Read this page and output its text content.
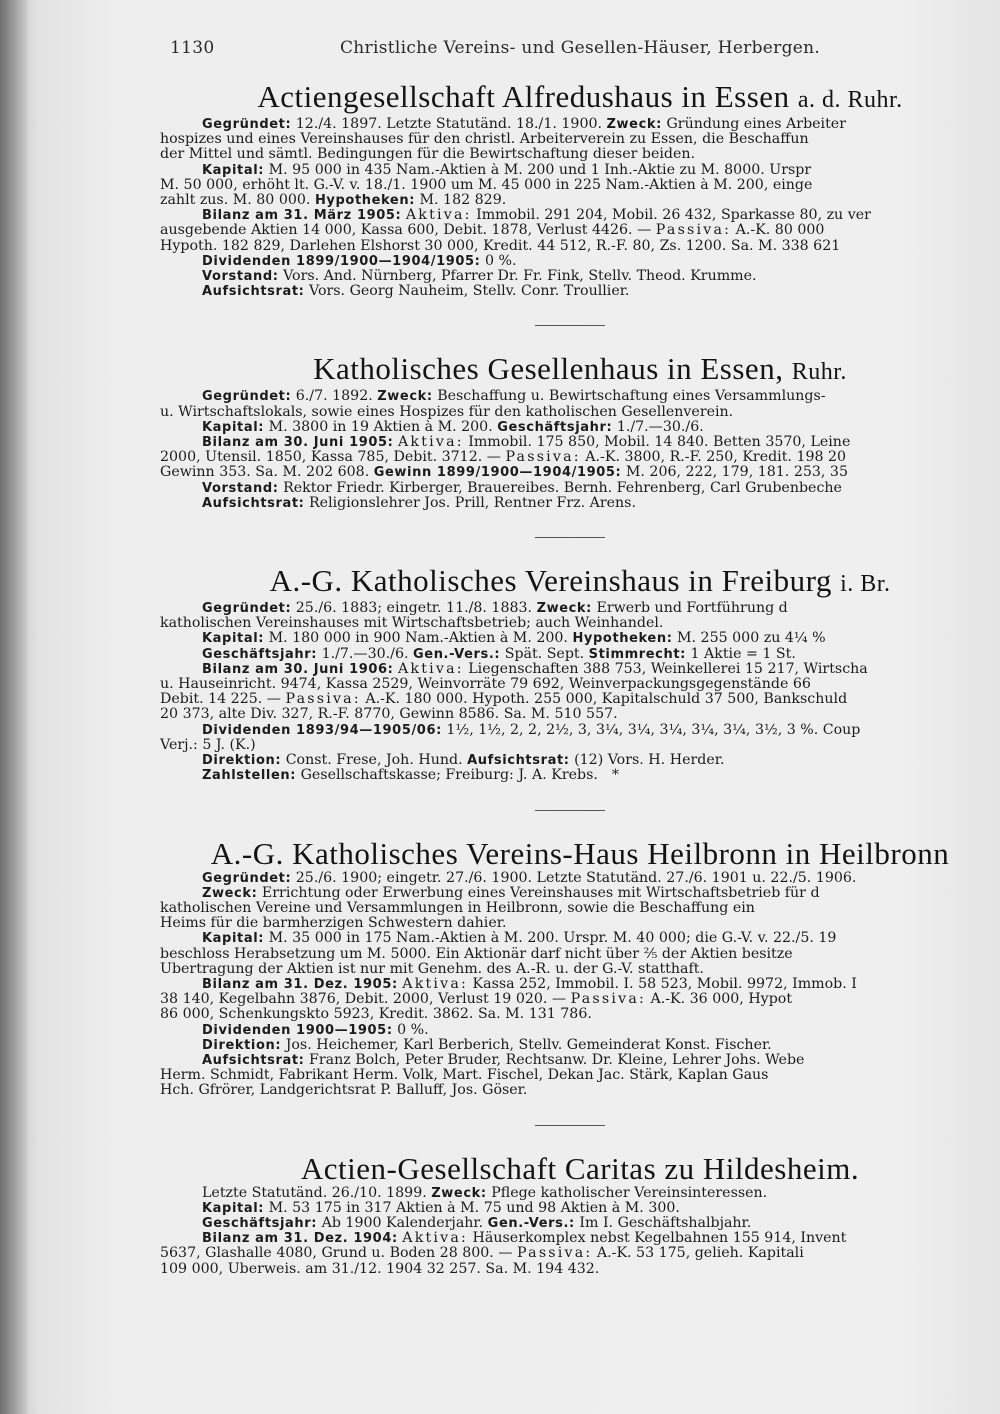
1130	Christliche Vereins- und Gesellen-Häuser, Herbergen.
Actiengesellschaft Alfredushaus in Essen a. d. Ruhr.

Gegründet: 12./4. 1897. Letzte Statutänd. 18./1. 1900. Zweck: Gründung eines Arbeiter

hospizes und eines Vereinshauses für den christl. Arbeiterverein zu Essen, die Beschaffun

der Mittel und sämtl. Bedingungen für die Bewirtschaftung dieser beiden.

Kapital: M. 95 000 in 435 Nam.-Aktien à M. 200 und 1 Inh.-Aktie zu M. 8000. Urspr

M. 50 000, erhöht lt. G.-V. v. 18./1. 1900 um M. 45 000 in 225 Nam.-Aktien à M. 200, einge

zahlt zus. M. 80 000. Hypotheken: M. 182 829.

Bilanz am 31. März 1905: Aktiva: Immobil. 291 204, Mobil. 26 432, Sparkasse 80, zu ver

ausgebende Aktien 14 000, Kassa 600, Debit. 1878, Verlust 4426. — Passiva: A.-K. 80 000

Hypoth. 182 829, Darlehen Elshorst 30 000, Kredit. 44 512, R.-F. 80, Zs. 1200. Sa. M. 338 621

Dividenden 1899/1900—1904/1905: 0 %.

Vorstand: Vors. And. Nürnberg, Pfarrer Dr. Fr. Fink, Stellv. Theod. Krumme.

Aufsichtsrat: Vors. Georg Nauheim, Stellv. Conr. Troullier.

Katholisches Gesellenhaus in Essen, Ruhr.

Gegründet: 6./7. 1892. Zweck: Beschaffung u. Bewirtschaftung eines Versammlungs-

u. Wirtschaftslokals, sowie eines Hospizes für den katholischen Gesellenverein.

Kapital: M. 3800 in 19 Aktien à M. 200. Geschäftsjahr: 1./7.—30./6.

Bilanz am 30. Juni 1905: Aktiva: Immobil. 175 850, Mobil. 14 840. Betten 3570, Leine

2000, Utensil. 1850, Kassa 785, Debit. 3712. — Passiva: A.-K. 3800, R.-F. 250, Kredit. 198 20

Gewinn 353. Sa. M. 202 608. Gewinn 1899/1900—1904/1905: M. 206, 222, 179, 181. 253, 35

Vorstand: Rektor Friedr. Kirberger, Brauereibes. Bernh. Fehrenberg, Carl Grubenbeche

Aufsichtsrat: Religionslehrer Jos. Prill, Rentner Frz. Arens.

A.-G. Katholisches Vereinshaus in Freiburg i. Br.

Gegründet: 25./6. 1883; eingetr. 11./8. 1883. Zweck: Erwerb und Fortführung d

katholischen Vereinshauses mit Wirtschaftsbetrieb; auch Weinhandel.

Kapital: M. 180 000 in 900 Nam.-Aktien à M. 200. Hypotheken: M. 255 000 zu 4¼ %

Geschäftsjahr: 1./7.—30./6. Gen.-Vers.: Spät. Sept. Stimmrecht: 1 Aktie = 1 St.

Bilanz am 30. Juni 1906: Aktiva: Liegenschaften 388 753, Weinkellerei 15 217, Wirtscha

u. Hauseinricht. 9474, Kassa 2529, Weinvorräte 79 692, Weinverpackungsgegenstände 66

Debit. 14 225. — Passiva: A.-K. 180 000. Hypoth. 255 000, Kapitalschuld 37 500, Bankschuld

20 373, alte Div. 327, R.-F. 8770, Gewinn 8586. Sa. M. 510 557.

Dividenden 1893/94—1905/06: 1½, 1½, 2, 2, 2½, 3, 3¼, 3¼, 3¼, 3¼, 3¼, 3½, 3 %. Coup

Verj.: 5 J. (K.)

Direktion: Const. Frese, Joh. Hund. Aufsichtsrat: (12) Vors. H. Herder.

Zahlstellen: Gesellschaftskasse; Freiburg: J. A. Krebs. *

A.-G. Katholisches Vereins-Haus Heilbronn in Heilbronn

Gegründet: 25./6. 1900; eingetr. 27./6. 1900. Letzte Statutänd. 27./6. 1901 u. 22./5. 1906.

Zweck: Errichtung oder Erwerbung eines Vereinshauses mit Wirtschaftsbetrieb für d

katholischen Vereine und Versammlungen in Heilbronn, sowie die Beschaffung ein

Heims für die barmherzigen Schwestern dahier.

Kapital: M. 35 000 in 175 Nam.-Aktien à M. 200. Urspr. M. 40 000; die G.-V. v. 22./5. 19

beschloss Herabsetzung um M. 5000. Ein Aktionär darf nicht über ⅖ der Aktien besitze

Übertragung der Aktien ist nur mit Genehm. des A.-R. u. der G.-V. statthaft.

Bilanz am 31. Dez. 1905: Aktiva: Kassa 252, Immobil. I. 58 523, Mobil. 9972, Immob. I

38 140, Kegelbahn 3876, Debit. 2000, Verlust 19 020. — Passiva: A.-K. 36 000, Hypot

86 000, Schenkungskto 5923, Kredit. 3862. Sa. M. 131 786.

Dividenden 1900—1905: 0 %.

Direktion: Jos. Heichemer, Karl Berberich, Stellv. Gemeinderat Konst. Fischer.

Aufsichtsrat: Franz Bolch, Peter Bruder, Rechtsanw. Dr. Kleine, Lehrer Johs. Webe

Herm. Schmidt, Fabrikant Herm. Volk, Mart. Fischel, Dekan Jac. Stärk, Kaplan Gaus

Hch. Gfrörer, Landgerichtsrat P. Balluff, Jos. Göser.

Actien-Gesellschaft Caritas zu Hildesheim.

Letzte Statutänd. 26./10. 1899. Zweck: Pflege katholischer Vereinsinteressen.

Kapital: M. 53 175 in 317 Aktien à M. 75 und 98 Aktien à M. 300.

Geschäftsjahr: Ab 1900 Kalenderjahr. Gen.-Vers.: Im I. Geschäftshalbjahr.

Bilanz am 31. Dez. 1904: Aktiva: Häuserkomplex nebst Kegelbahnen 155 914, Invent

5637, Glashalle 4080, Grund u. Boden 28 800. — Passiva: A.-K. 53 175, gelieh. Kapitali

109 000, Überweis. am 31./12. 1904 32 257. Sa. M. 194 432.
